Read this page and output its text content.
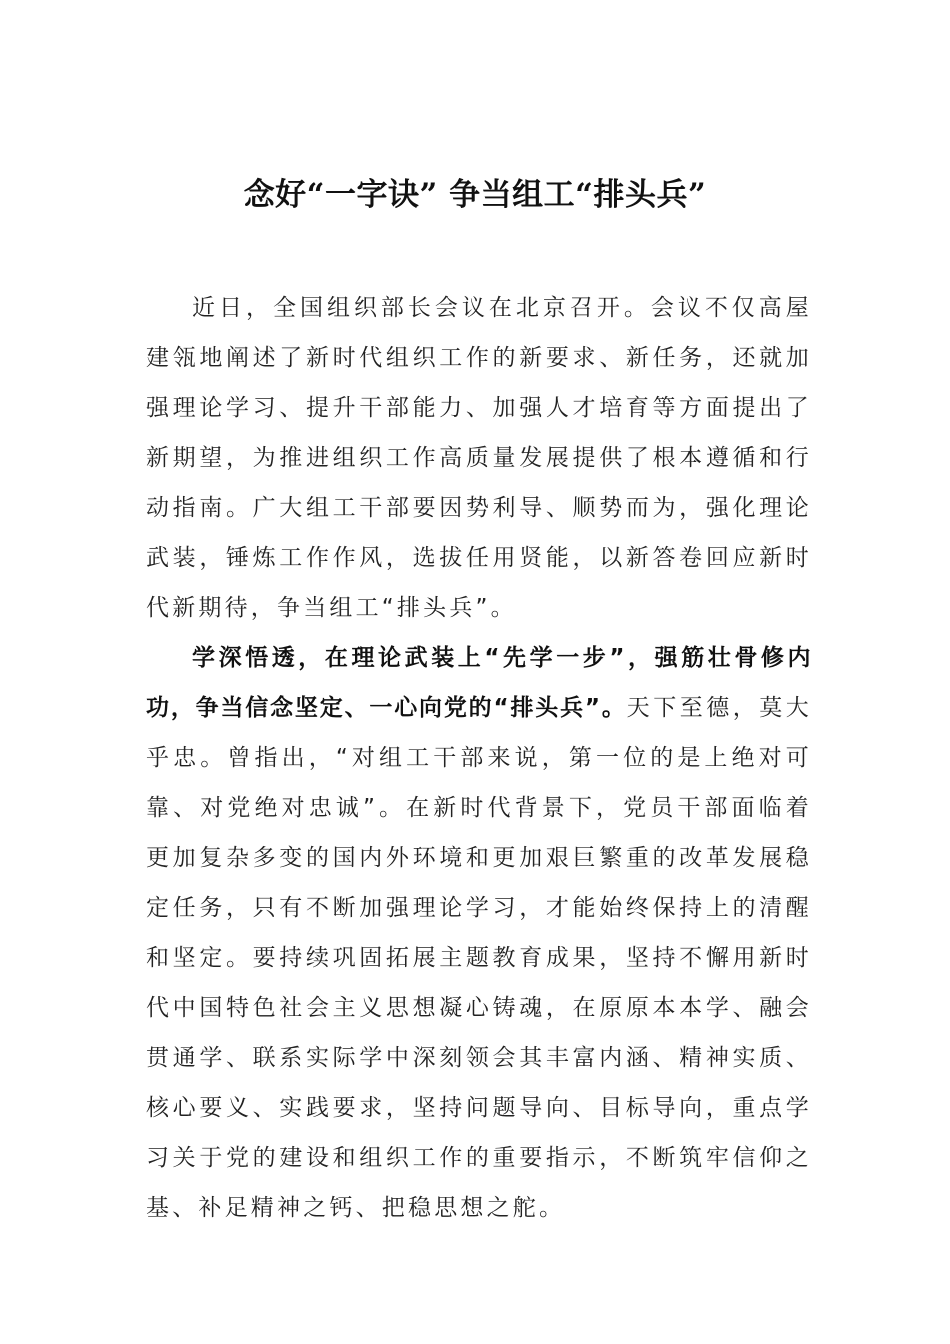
念好“一字诀” 争当组工“排头兵”

近日，全国组织部长会议在北京召开。会议不仅高屋建瓴地阐述了新时代组织工作的新要求、新任务，还就加强理论学习、提升干部能力、加强人才培育等方面提出了新期望，为推进组织工作高质量发展提供了根本遵循和行动指南。广大组工干部要因势利导、顺势而为，强化理论武装，锤炼工作作风，选拔任用贤能，以新答卷回应新时代新期待，争当组工“排头兵”。

学深悟透，在理论武装上“先学一步”，强筋壮骨修内功，争当信念坚定、一心向党的“排头兵”。天下至德，莫大乎忠。曾指出，“对组工干部来说，第一位的是上绝对可靠、对党绝对忠诚”。在新时代背景下，党员干部面临着更加复杂多变的国内外环境和更加艰巨繁重的改革发展稳定任务，只有不断加强理论学习，才能始终保持上的清醒和坚定。要持续巩固拓展主题教育成果，坚持不懈用新时代中国特色社会主义思想凝心铸魂，在原原本本学、融会贯通学、联系实际学中深刻领会其丰富内涵、精神实质、核心要义、实践要求，坚持问题导向、目标导向，重点学习关于党的建设和组织工作的重要指示，不断筑牢信仰之基、补足精神之钙、把稳思想之舵。
